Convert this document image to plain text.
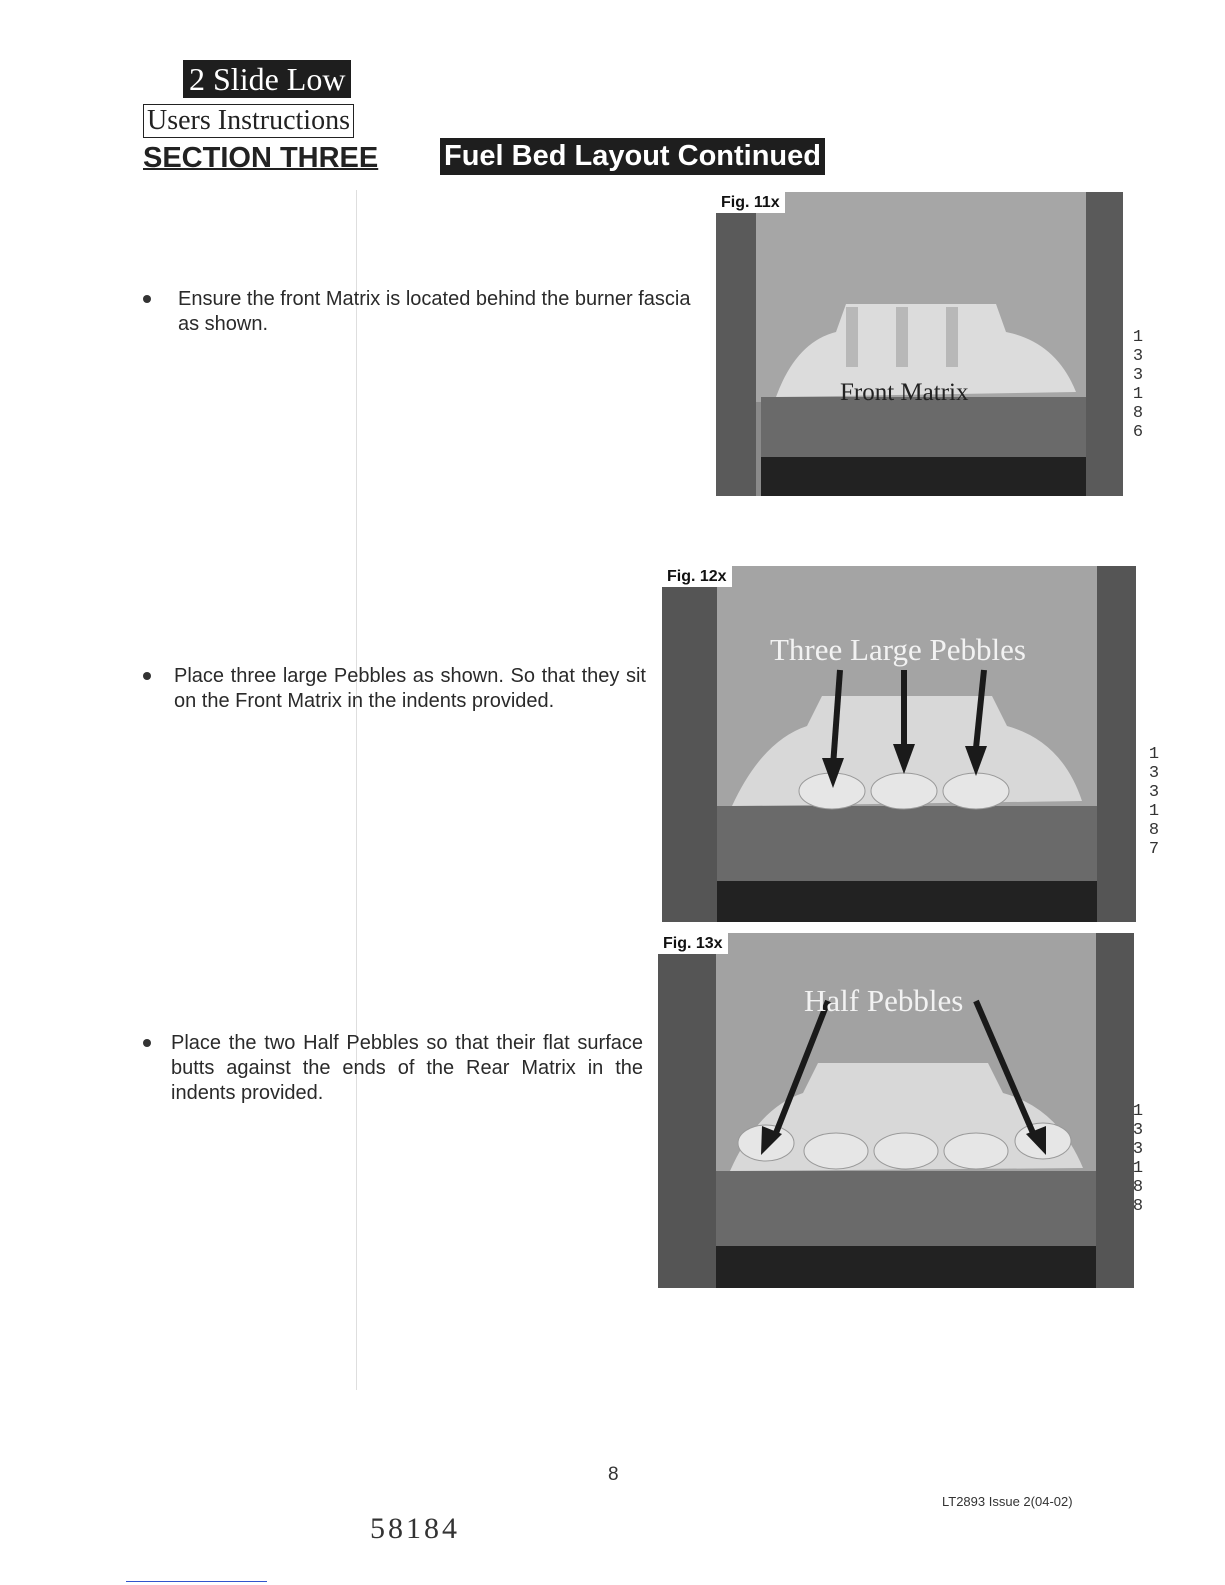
2 Slide Low
Users Instructions
SECTION THREE Fuel Bed Layout Continued
Ensure the front Matrix is located behind the burner fascia as shown.
Fig. 11x
Front Matrix
133186
Place three large Pebbles as shown. So that they sit on the Front Matrix in the indents provided.
Fig. 12x
Three Large Pebbles
133187
Place the two Half Pebbles so that their flat surface butts against the ends of the Rear Matrix in the indents provided.
Fig. 13x
Half Pebbles
133188
8
LT2893 Issue 2(04-02)
58184
